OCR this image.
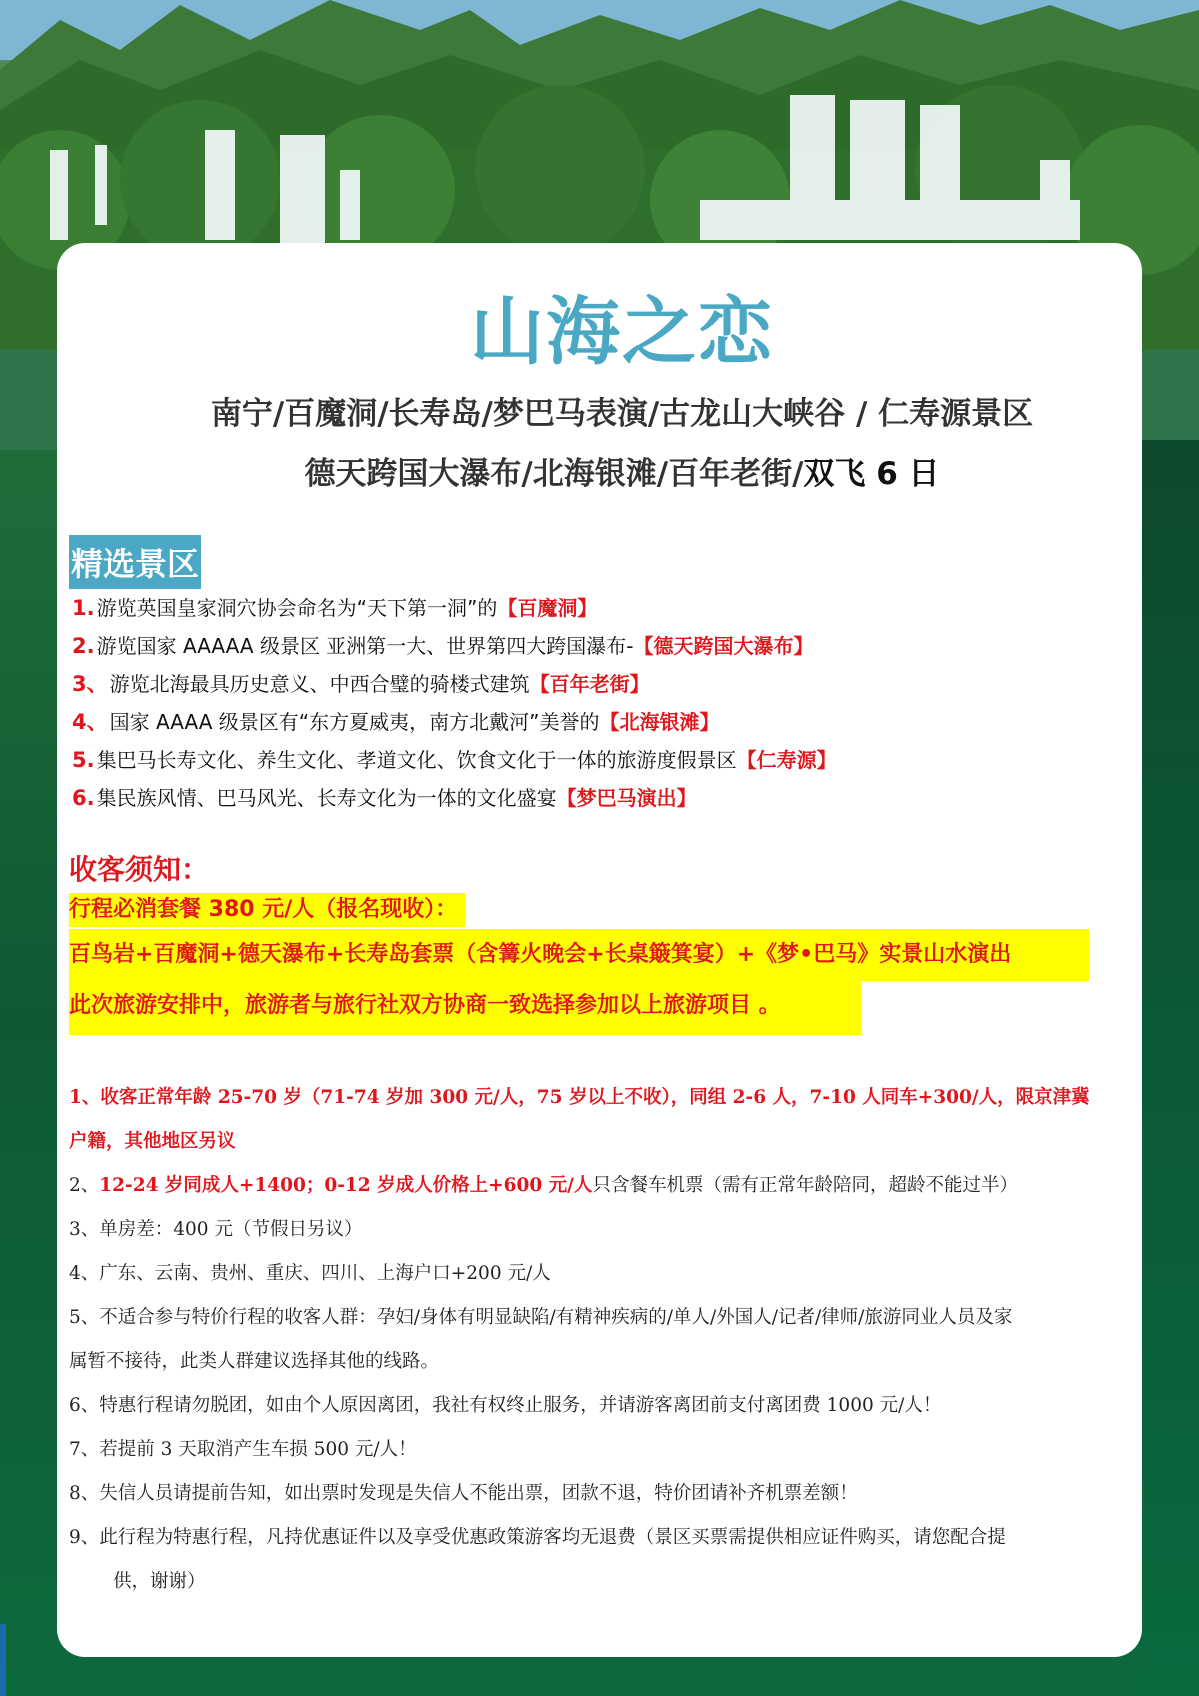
山海之恋
南宁/百魔洞/长寿岛/梦巴马表演/古龙山大峡谷 / 仁寿源景区
德天跨国大瀑布/北海银滩/百年老街/双飞 6 日
精选景区
1. 游览英国皇家洞穴协会命名为“天下第一洞”的【百魔洞】
2. 游览国家 AAAAA 级景区 亚洲第一大、世界第四大跨国瀑布-【德天跨国大瀑布】
3、 游览北海最具历史意义、中西合璧的骑楼式建筑【百年老街】
4、 国家 AAAA 级景区有“东方夏威夷，南方北戴河”美誉的【北海银滩】
5. 集巴马长寿文化、养生文化、孝道文化、饮食文化于一体的旅游度假景区【仁寿源】
6. 集民族风情、巴马风光、长寿文化为一体的文化盛宴【梦巴马演出】
收客须知：
行程必消套餐 380 元/人（报名现收）：
百鸟岩+百魔洞+德天瀑布+长寿岛套票（含篝火晚会+长桌簸箕宴）+《梦•巴马》实景山水演出
此次旅游安排中，旅游者与旅行社双方协商一致选择参加以上旅游项目 。

1、收客正常年龄 25-70 岁（71-74 岁加 300 元/人，75 岁以上不收），同组 2-6 人，7-10 人同车+300/人，限京津冀

户籍，其他地区另议

2、12-24 岁同成人+1400；0-12 岁成人价格上+600 元/人只含餐车机票（需有正常年龄陪同，超龄不能过半）

3、单房差：400 元（节假日另议）

4、广东、云南、贵州、重庆、四川、上海户口+200 元/人

5、不适合参与特价行程的收客人群：孕妇/身体有明显缺陷/有精神疾病的/单人/外国人/记者/律师/旅游同业人员及家

属暂不接待，此类人群建议选择其他的线路。

6、特惠行程请勿脱团，如由个人原因离团，我社有权终止服务，并请游客离团前支付离团费 1000 元/人！

7、若提前 3 天取消产生车损 500 元/人！

8、失信人员请提前告知，如出票时发现是失信人不能出票，团款不退，特价团请补齐机票差额！

9、此行程为特惠行程，凡持优惠证件以及享受优惠政策游客均无退费（景区买票需提供相应证件购买，请您配合提

供，谢谢）
